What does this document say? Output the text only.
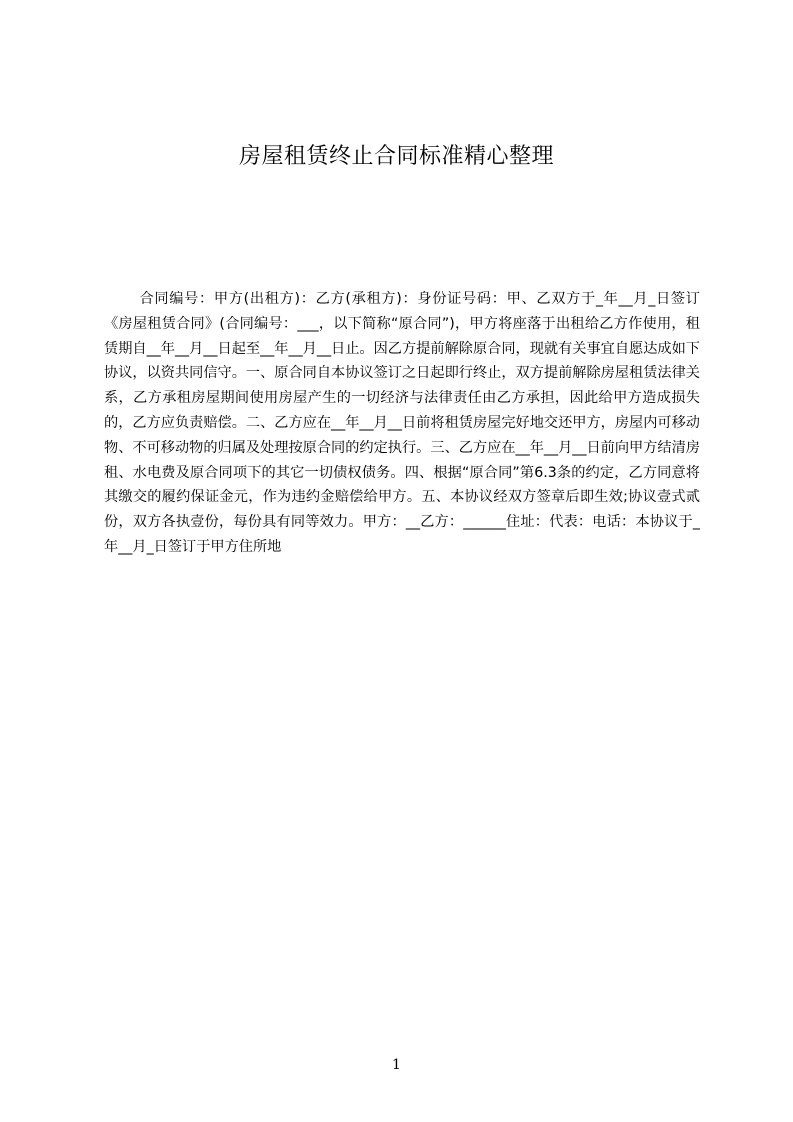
房屋租赁终止合同标准精心整理

合同编号：甲方(出租方)：乙方(承租方)：身份证号码：甲、乙双方于_年__月_日签订《房屋租赁合同》(合同编号：___，以下简称“原合同”)，甲方将座落于出租给乙方作使用，租赁期自__年__月__日起至__年__月__日止。因乙方提前解除原合同，现就有关事宜自愿达成如下协议，以资共同信守。一、原合同自本协议签订之日起即行终止，双方提前解除房屋租赁法律关系，乙方承租房屋期间使用房屋产生的一切经济与法律责任由乙方承担，因此给甲方造成损失的，乙方应负责赔偿。二、乙方应在__年__月__日前将租赁房屋完好地交还甲方，房屋内可移动物、不可移动物的归属及处理按原合同的约定执行。三、乙方应在__年__月__日前向甲方结清房租、水电费及原合同项下的其它一切债权债务。四、根据“原合同”第6.3条的约定，乙方同意将其缴交的履约保证金元，作为违约金赔偿给甲方。五、本协议经双方签章后即生效;协议壹式贰份，双方各执壹份，每份具有同等效力。甲方：__乙方：______住址：代表：电话：本协议于_年__月_日签订于甲方住所地

1
